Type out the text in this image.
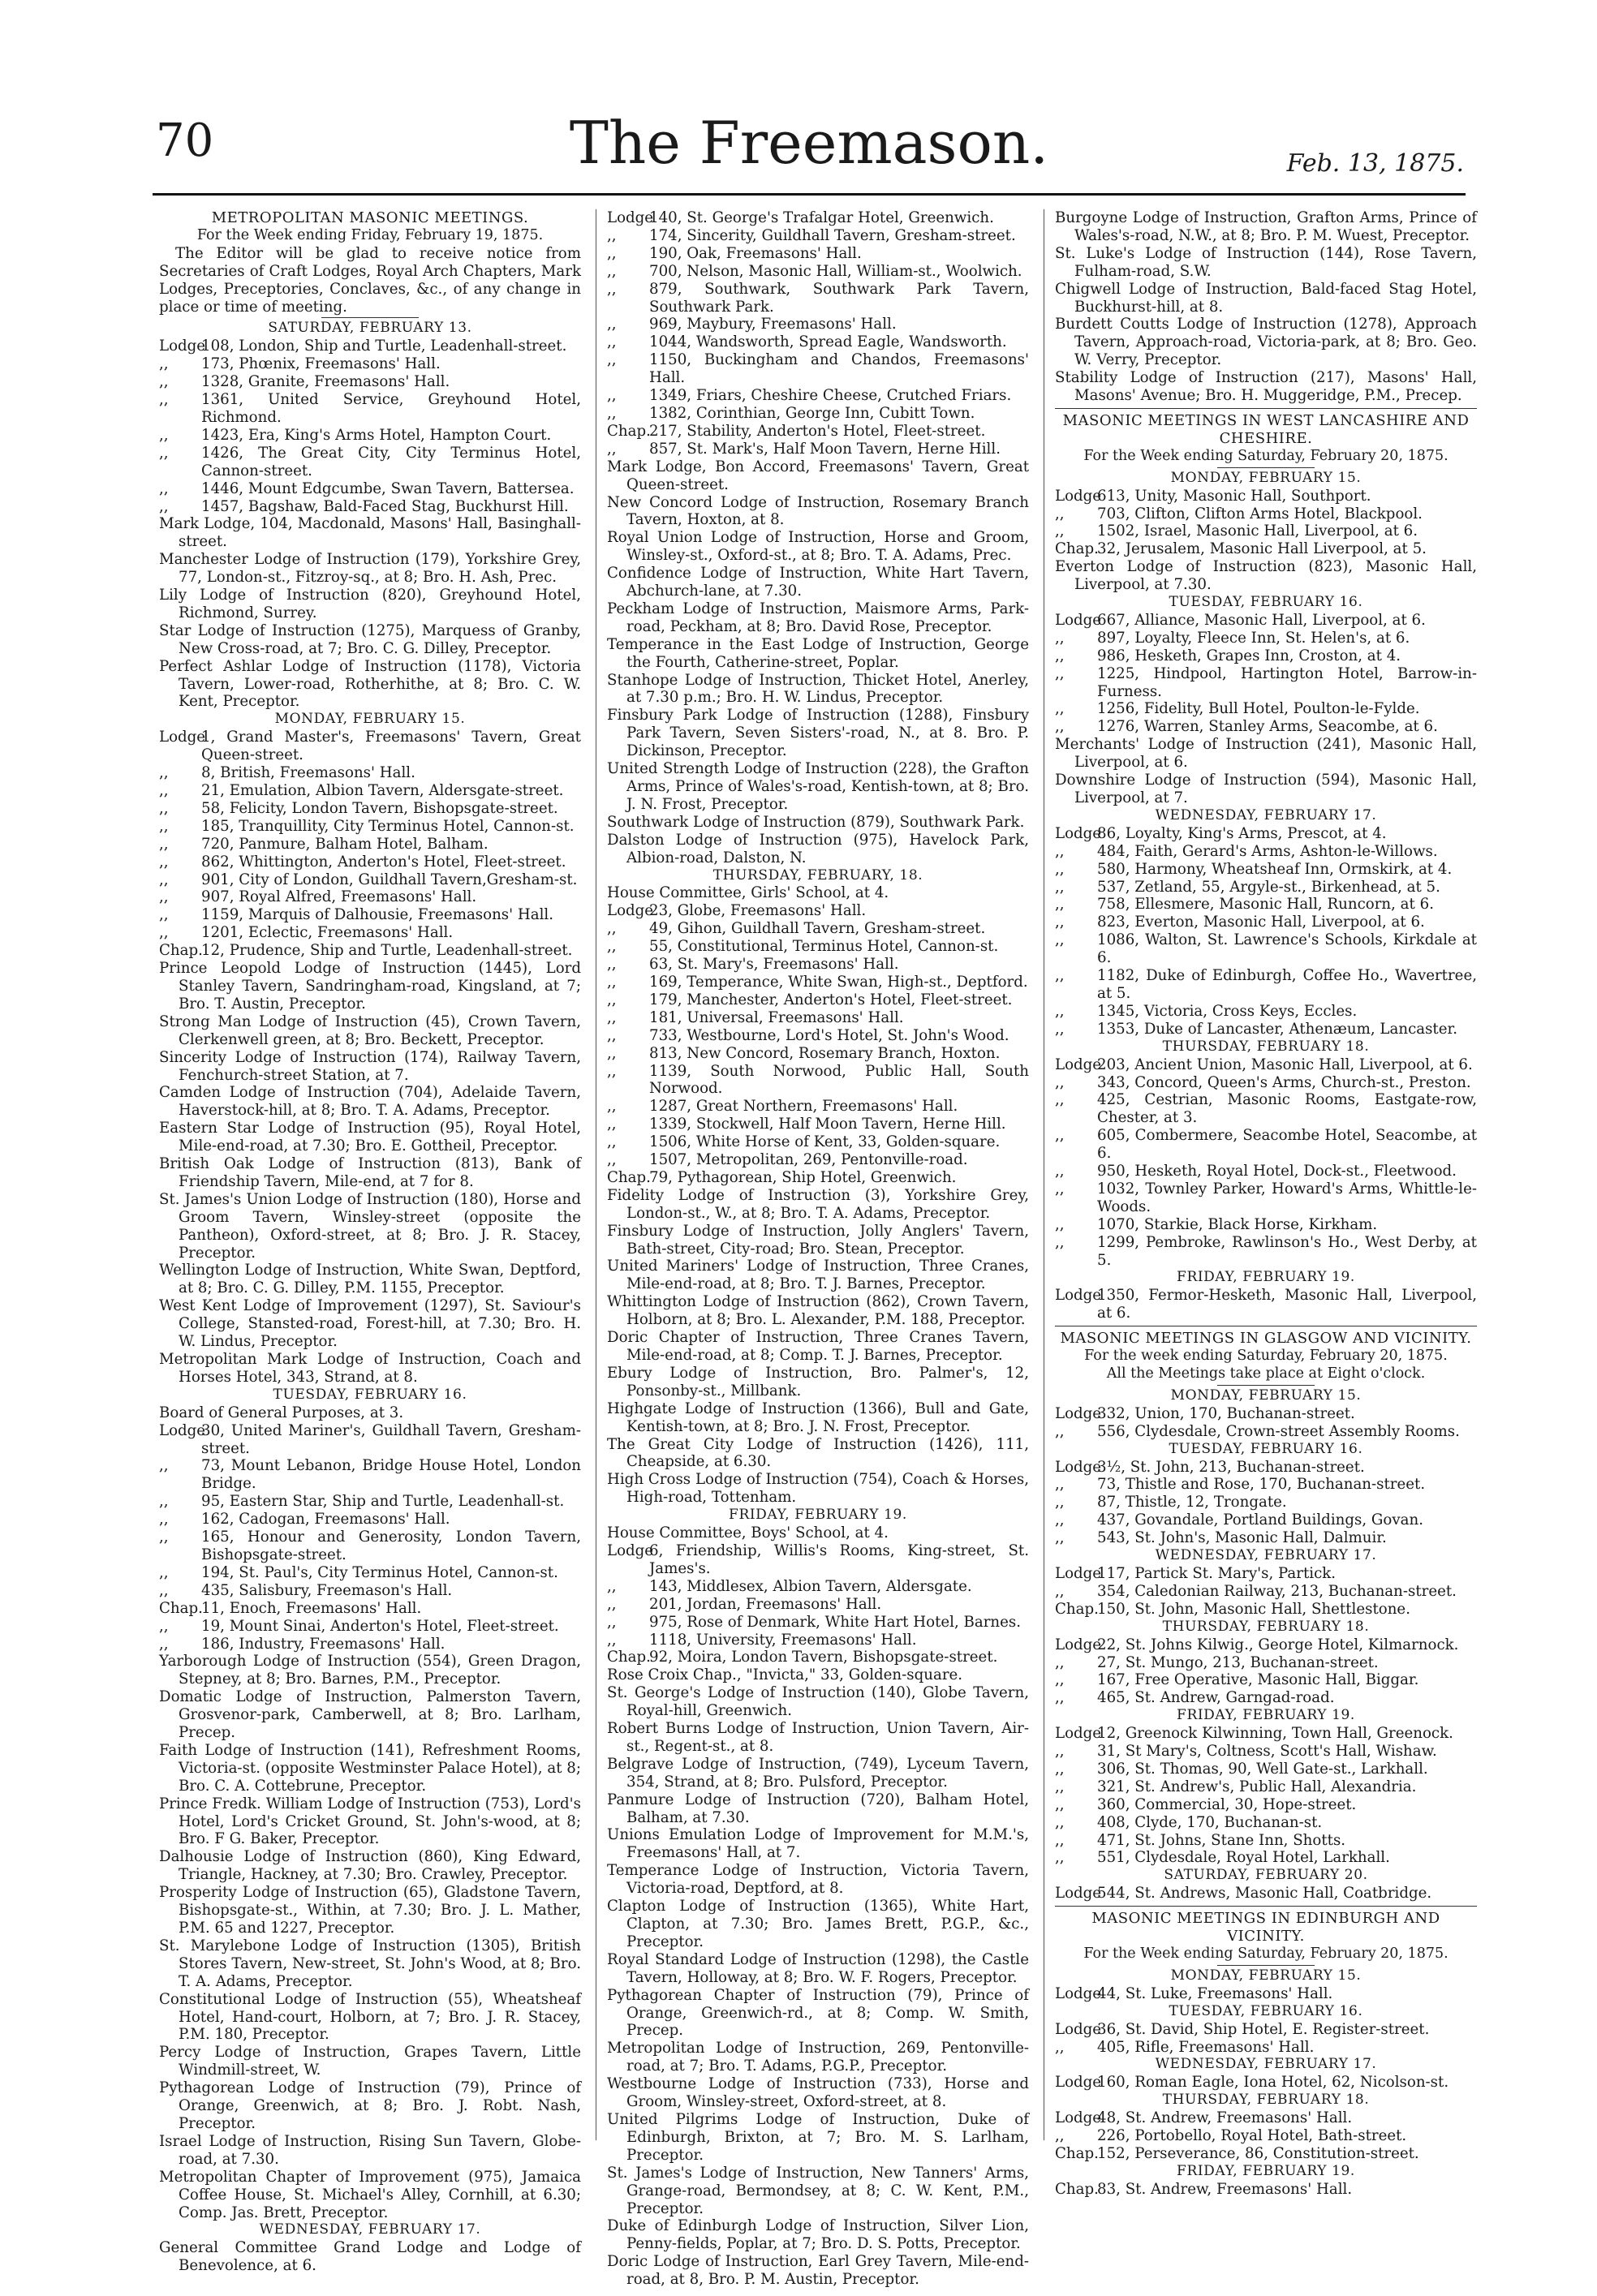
70	The Freemason.	Feb. 13, 1875.

METROPOLITAN MASONIC MEETINGS.

For the Week ending Friday, February 19, 1875.

The Editor will be glad to receive notice from Secretaries of Craft Lodges, Royal Arch Chapters, Mark Lodges, Preceptories, Conclaves, &c., of any change in place or time of meeting.

SATURDAY, FEBRUARY 13.

Lodge108, London, Ship and Turtle, Leadenhall-street.

,, 173, Phœnix, Freemasons' Hall.

,, 1328, Granite, Freemasons' Hall.

,, 1361, United Service, Greyhound Hotel, Richmond.

,, 1423, Era, King's Arms Hotel, Hampton Court.

,, 1426, The Great City, City Terminus Hotel, Cannon-street.

,, 1446, Mount Edgcumbe, Swan Tavern, Battersea.

,, 1457, Bagshaw, Bald-Faced Stag, Buckhurst Hill.

Mark Lodge, 104, Macdonald, Masons' Hall, Basinghall-street.

Manchester Lodge of Instruction (179), Yorkshire Grey, 77, London-st., Fitzroy-sq., at 8; Bro. H. Ash, Prec.

Lily Lodge of Instruction (820), Greyhound Hotel, Richmond, Surrey.

Star Lodge of Instruction (1275), Marquess of Granby, New Cross-road, at 7; Bro. C. G. Dilley, Preceptor.

Perfect Ashlar Lodge of Instruction (1178), Victoria Tavern, Lower-road, Rotherhithe, at 8; Bro. C. W. Kent, Preceptor.

MONDAY, FEBRUARY 15.

Lodge1, Grand Master's, Freemasons' Tavern, Great Queen-street.

,, 8, British, Freemasons' Hall.

,, 21, Emulation, Albion Tavern, Aldersgate-street.

,, 58, Felicity, London Tavern, Bishopsgate-street.

,, 185, Tranquillity, City Terminus Hotel, Cannon-st.

,, 720, Panmure, Balham Hotel, Balham.

,, 862, Whittington, Anderton's Hotel, Fleet-street.

,, 901, City of London, Guildhall Tavern,Gresham-st.

,, 907, Royal Alfred, Freemasons' Hall.

,, 1159, Marquis of Dalhousie, Freemasons' Hall.

,, 1201, Eclectic, Freemasons' Hall.

Chap.12, Prudence, Ship and Turtle, Leadenhall-street.

Prince Leopold Lodge of Instruction (1445), Lord Stanley Tavern, Sandringham-road, Kingsland, at 7; Bro. T. Austin, Preceptor.

Strong Man Lodge of Instruction (45), Crown Tavern, Clerkenwell green, at 8; Bro. Beckett, Preceptor.

Sincerity Lodge of Instruction (174), Railway Tavern, Fenchurch-street Station, at 7.

Camden Lodge of Instruction (704), Adelaide Tavern, Haverstock-hill, at 8; Bro. T. A. Adams, Preceptor.

Eastern Star Lodge of Instruction (95), Royal Hotel, Mile-end-road, at 7.30; Bro. E. Gottheil, Preceptor.

British Oak Lodge of Instruction (813), Bank of Friendship Tavern, Mile-end, at 7 for 8.

St. James's Union Lodge of Instruction (180), Horse and Groom Tavern, Winsley-street (opposite the Pantheon), Oxford-street, at 8; Bro. J. R. Stacey, Preceptor.

Wellington Lodge of Instruction, White Swan, Deptford, at 8; Bro. C. G. Dilley, P.M. 1155, Preceptor.

West Kent Lodge of Improvement (1297), St. Saviour's College, Stansted-road, Forest-hill, at 7.30; Bro. H. W. Lindus, Preceptor.

Metropolitan Mark Lodge of Instruction, Coach and Horses Hotel, 343, Strand, at 8.

TUESDAY, FEBRUARY 16.

Board of General Purposes, at 3.

Lodge30, United Mariner's, Guildhall Tavern, Gresham-street.

,, 73, Mount Lebanon, Bridge House Hotel, London Bridge.

,, 95, Eastern Star, Ship and Turtle, Leadenhall-st.

,, 162, Cadogan, Freemasons' Hall.

,, 165, Honour and Generosity, London Tavern, Bishopsgate-street.

,, 194, St. Paul's, City Terminus Hotel, Cannon-st.

,, 435, Salisbury, Freemason's Hall.

Chap.11, Enoch, Freemasons' Hall.

,, 19, Mount Sinai, Anderton's Hotel, Fleet-street.

,, 186, Industry, Freemasons' Hall.

Yarborough Lodge of Instruction (554), Green Dragon, Stepney, at 8; Bro. Barnes, P.M., Preceptor.

Domatic Lodge of Instruction, Palmerston Tavern, Grosvenor-park, Camberwell, at 8; Bro. Larlham, Precep.

Faith Lodge of Instruction (141), Refreshment Rooms, Victoria-st. (opposite Westminster Palace Hotel), at 8; Bro. C. A. Cottebrune, Preceptor.

Prince Fredk. William Lodge of Instruction (753), Lord's Hotel, Lord's Cricket Ground, St. John's-wood, at 8; Bro. F G. Baker, Preceptor.

Dalhousie Lodge of Instruction (860), King Edward, Triangle, Hackney, at 7.30; Bro. Crawley, Preceptor.

Prosperity Lodge of Instruction (65), Gladstone Tavern, Bishopsgate-st., Within, at 7.30; Bro. J. L. Mather, P.M. 65 and 1227, Preceptor.

St. Marylebone Lodge of Instruction (1305), British Stores Tavern, New-street, St. John's Wood, at 8; Bro. T. A. Adams, Preceptor.

Constitutional Lodge of Instruction (55), Wheatsheaf Hotel, Hand-court, Holborn, at 7; Bro. J. R. Stacey, P.M. 180, Preceptor.

Percy Lodge of Instruction, Grapes Tavern, Little Windmill-street, W.

Pythagorean Lodge of Instruction (79), Prince of Orange, Greenwich, at 8; Bro. J. Robt. Nash, Preceptor.

Israel Lodge of Instruction, Rising Sun Tavern, Globe-road, at 7.30.

Metropolitan Chapter of Improvement (975), Jamaica Coffee House, St. Michael's Alley, Cornhill, at 6.30; Comp. Jas. Brett, Preceptor.

WEDNESDAY, FEBRUARY 17.

General Committee Grand Lodge and Lodge of Benevolence, at 6.

Lodge140, St. George's Trafalgar Hotel, Greenwich.

,, 174, Sincerity, Guildhall Tavern, Gresham-street.

,, 190, Oak, Freemasons' Hall.

,, 700, Nelson, Masonic Hall, William-st., Woolwich.

,, 879, Southwark, Southwark Park Tavern, Southwark Park.

,, 969, Maybury, Freemasons' Hall.

,, 1044, Wandsworth, Spread Eagle, Wandsworth.

,, 1150, Buckingham and Chandos, Freemasons' Hall.

,, 1349, Friars, Cheshire Cheese, Crutched Friars.

,, 1382, Corinthian, George Inn, Cubitt Town.

Chap.217, Stability, Anderton's Hotel, Fleet-street.

,, 857, St. Mark's, Half Moon Tavern, Herne Hill.

Mark Lodge, Bon Accord, Freemasons' Tavern, Great Queen-street.

New Concord Lodge of Instruction, Rosemary Branch Tavern, Hoxton, at 8.

Royal Union Lodge of Instruction, Horse and Groom, Winsley-st., Oxford-st., at 8; Bro. T. A. Adams, Prec.

Confidence Lodge of Instruction, White Hart Tavern, Abchurch-lane, at 7.30.

Peckham Lodge of Instruction, Maismore Arms, Park-road, Peckham, at 8; Bro. David Rose, Preceptor.

Temperance in the East Lodge of Instruction, George the Fourth, Catherine-street, Poplar.

Stanhope Lodge of Instruction, Thicket Hotel, Anerley, at 7.30 p.m.; Bro. H. W. Lindus, Preceptor.

Finsbury Park Lodge of Instruction (1288), Finsbury Park Tavern, Seven Sisters'-road, N., at 8. Bro. P. Dickinson, Preceptor.

United Strength Lodge of Instruction (228), the Grafton Arms, Prince of Wales's-road, Kentish-town, at 8; Bro. J. N. Frost, Preceptor.

Southwark Lodge of Instruction (879), Southwark Park.

Dalston Lodge of Instruction (975), Havelock Park, Albion-road, Dalston, N.

THURSDAY, FEBRUARY, 18.

House Committee, Girls' School, at 4.

Lodge23, Globe, Freemasons' Hall.

,, 49, Gihon, Guildhall Tavern, Gresham-street.

,, 55, Constitutional, Terminus Hotel, Cannon-st.

,, 63, St. Mary's, Freemasons' Hall.

,, 169, Temperance, White Swan, High-st., Deptford.

,, 179, Manchester, Anderton's Hotel, Fleet-street.

,, 181, Universal, Freemasons' Hall.

,, 733, Westbourne, Lord's Hotel, St. John's Wood.

,, 813, New Concord, Rosemary Branch, Hoxton.

,, 1139, South Norwood, Public Hall, South Norwood.

,, 1287, Great Northern, Freemasons' Hall.

,, 1339, Stockwell, Half Moon Tavern, Herne Hill.

,, 1506, White Horse of Kent, 33, Golden-square.

,, 1507, Metropolitan, 269, Pentonville-road.

Chap.79, Pythagorean, Ship Hotel, Greenwich.

Fidelity Lodge of Instruction (3), Yorkshire Grey, London-st., W., at 8; Bro. T. A. Adams, Preceptor.

Finsbury Lodge of Instruction, Jolly Anglers' Tavern, Bath-street, City-road; Bro. Stean, Preceptor.

United Mariners' Lodge of Instruction, Three Cranes, Mile-end-road, at 8; Bro. T. J. Barnes, Preceptor.

Whittington Lodge of Instruction (862), Crown Tavern, Holborn, at 8; Bro. L. Alexander, P.M. 188, Preceptor.

Doric Chapter of Instruction, Three Cranes Tavern, Mile-end-road, at 8; Comp. T. J. Barnes, Preceptor.

Ebury Lodge of Instruction, Bro. Palmer's, 12, Ponsonby-st., Millbank.

Highgate Lodge of Instruction (1366), Bull and Gate, Kentish-town, at 8; Bro. J. N. Frost, Preceptor.

The Great City Lodge of Instruction (1426), 111, Cheapside, at 6.30.

High Cross Lodge of Instruction (754), Coach & Horses, High-road, Tottenham.

FRIDAY, FEBRUARY 19.

House Committee, Boys' School, at 4.

Lodge6, Friendship, Willis's Rooms, King-street, St. James's.

,, 143, Middlesex, Albion Tavern, Aldersgate.

,, 201, Jordan, Freemasons' Hall.

,, 975, Rose of Denmark, White Hart Hotel, Barnes.

,, 1118, University, Freemasons' Hall.

Chap.92, Moira, London Tavern, Bishopsgate-street.

Rose Croix Chap., "Invicta," 33, Golden-square.

St. George's Lodge of Instruction (140), Globe Tavern, Royal-hill, Greenwich.

Robert Burns Lodge of Instruction, Union Tavern, Air-st., Regent-st., at 8.

Belgrave Lodge of Instruction, (749), Lyceum Tavern, 354, Strand, at 8; Bro. Pulsford, Preceptor.

Panmure Lodge of Instruction (720), Balham Hotel, Balham, at 7.30.

Unions Emulation Lodge of Improvement for M.M.'s, Freemasons' Hall, at 7.

Temperance Lodge of Instruction, Victoria Tavern, Victoria-road, Deptford, at 8.

Clapton Lodge of Instruction (1365), White Hart, Clapton, at 7.30; Bro. James Brett, P.G.P., &c., Preceptor.

Royal Standard Lodge of Instruction (1298), the Castle Tavern, Holloway, at 8; Bro. W. F. Rogers, Preceptor.

Pythagorean Chapter of Instruction (79), Prince of Orange, Greenwich-rd., at 8; Comp. W. Smith, Precep.

Metropolitan Lodge of Instruction, 269, Pentonville-road, at 7; Bro. T. Adams, P.G.P., Preceptor.

Westbourne Lodge of Instruction (733), Horse and Groom, Winsley-street, Oxford-street, at 8.

United Pilgrims Lodge of Instruction, Duke of Edinburgh, Brixton, at 7; Bro. M. S. Larlham, Preceptor.

St. James's Lodge of Instruction, New Tanners' Arms, Grange-road, Bermondsey, at 8; C. W. Kent, P.M., Preceptor.

Duke of Edinburgh Lodge of Instruction, Silver Lion, Penny-fields, Poplar, at 7; Bro. D. S. Potts, Preceptor.

Doric Lodge of Instruction, Earl Grey Tavern, Mile-end-road, at 8, Bro. P. M. Austin, Preceptor.

Burgoyne Lodge of Instruction, Grafton Arms, Prince of Wales's-road, N.W., at 8; Bro. P. M. Wuest, Preceptor.

St. Luke's Lodge of Instruction (144), Rose Tavern, Fulham-road, S.W.

Chigwell Lodge of Instruction, Bald-faced Stag Hotel, Buckhurst-hill, at 8.

Burdett Coutts Lodge of Instruction (1278), Approach Tavern, Approach-road, Victoria-park, at 8; Bro. Geo. W. Verry, Preceptor.

Stability Lodge of Instruction (217), Masons' Hall, Masons' Avenue; Bro. H. Muggeridge, P.M., Precep.

MASONIC MEETINGS IN WEST LANCASHIRE AND CHESHIRE.

For the Week ending Saturday, February 20, 1875.

MONDAY, FEBRUARY 15.

Lodge613, Unity, Masonic Hall, Southport.

,, 703, Clifton, Clifton Arms Hotel, Blackpool.

,, 1502, Israel, Masonic Hall, Liverpool, at 6.

Chap.32, Jerusalem, Masonic Hall Liverpool, at 5.

Everton Lodge of Instruction (823), Masonic Hall, Liverpool, at 7.30.

TUESDAY, FEBRUARY 16.

Lodge667, Alliance, Masonic Hall, Liverpool, at 6.

,, 897, Loyalty, Fleece Inn, St. Helen's, at 6.

,, 986, Hesketh, Grapes Inn, Croston, at 4.

,, 1225, Hindpool, Hartington Hotel, Barrow-in-Furness.

,, 1256, Fidelity, Bull Hotel, Poulton-le-Fylde.

,, 1276, Warren, Stanley Arms, Seacombe, at 6.

Merchants' Lodge of Instruction (241), Masonic Hall, Liverpool, at 6.

Downshire Lodge of Instruction (594), Masonic Hall, Liverpool, at 7.

WEDNESDAY, FEBRUARY 17.

Lodge86, Loyalty, King's Arms, Prescot, at 4.

,, 484, Faith, Gerard's Arms, Ashton-le-Willows.

,, 580, Harmony, Wheatsheaf Inn, Ormskirk, at 4.

,, 537, Zetland, 55, Argyle-st., Birkenhead, at 5.

,, 758, Ellesmere, Masonic Hall, Runcorn, at 6.

,, 823, Everton, Masonic Hall, Liverpool, at 6.

,, 1086, Walton, St. Lawrence's Schools, Kirkdale at 6.

,, 1182, Duke of Edinburgh, Coffee Ho., Wavertree, at 5.

,, 1345, Victoria, Cross Keys, Eccles.

,, 1353, Duke of Lancaster, Athenæum, Lancaster.

THURSDAY, FEBRUARY 18.

Lodge203, Ancient Union, Masonic Hall, Liverpool, at 6.

,, 343, Concord, Queen's Arms, Church-st., Preston.

,, 425, Cestrian, Masonic Rooms, Eastgate-row, Chester, at 3.

,, 605, Combermere, Seacombe Hotel, Seacombe, at 6.

,, 950, Hesketh, Royal Hotel, Dock-st., Fleetwood.

,, 1032, Townley Parker, Howard's Arms, Whittle-le-Woods.

,, 1070, Starkie, Black Horse, Kirkham.

,, 1299, Pembroke, Rawlinson's Ho., West Derby, at 5.

FRIDAY, FEBRUARY 19.

Lodge1350, Fermor-Hesketh, Masonic Hall, Liverpool, at 6.

MASONIC MEETINGS IN GLASGOW AND VICINITY.

For the week ending Saturday, February 20, 1875.

All the Meetings take place at Eight o'clock.

MONDAY, FEBRUARY 15.

Lodge332, Union, 170, Buchanan-street.

,, 556, Clydesdale, Crown-street Assembly Rooms.

TUESDAY, FEBRUARY 16.

Lodge3½, St. John, 213, Buchanan-street.

,, 73, Thistle and Rose, 170, Buchanan-street.

,, 87, Thistle, 12, Trongate.

,, 437, Govandale, Portland Buildings, Govan.

,, 543, St. John's, Masonic Hall, Dalmuir.

WEDNESDAY, FEBRUARY 17.

Lodge117, Partick St. Mary's, Partick.

,, 354, Caledonian Railway, 213, Buchanan-street.

Chap.150, St. John, Masonic Hall, Shettlestone.

THURSDAY, FEBRUARY 18.

Lodge22, St. Johns Kilwig., George Hotel, Kilmarnock.

,, 27, St. Mungo, 213, Buchanan-street.

,, 167, Free Operative, Masonic Hall, Biggar.

,, 465, St. Andrew, Garngad-road.

FRIDAY, FEBRUARY 19.

Lodge12, Greenock Kilwinning, Town Hall, Greenock.

,, 31, St Mary's, Coltness, Scott's Hall, Wishaw.

,, 306, St. Thomas, 90, Well Gate-st., Larkhall.

,, 321, St. Andrew's, Public Hall, Alexandria.

,, 360, Commercial, 30, Hope-street.

,, 408, Clyde, 170, Buchanan-st.

,, 471, St. Johns, Stane Inn, Shotts.

,, 551, Clydesdale, Royal Hotel, Larkhall.

SATURDAY, FEBRUARY 20.

Lodge544, St. Andrews, Masonic Hall, Coatbridge.

MASONIC MEETINGS IN EDINBURGH AND VICINITY.

For the Week ending Saturday, February 20, 1875.

MONDAY, FEBRUARY 15.

Lodge44, St. Luke, Freemasons' Hall.

TUESDAY, FEBRUARY 16.

Lodge36, St. David, Ship Hotel, E. Register-street.

,, 405, Rifle, Freemasons' Hall.

WEDNESDAY, FEBRUARY 17.

Lodge160, Roman Eagle, Iona Hotel, 62, Nicolson-st.

THURSDAY, FEBRUARY 18.

Lodge48, St. Andrew, Freemasons' Hall.

,, 226, Portobello, Royal Hotel, Bath-street.

Chap.152, Perseverance, 86, Constitution-street.

FRIDAY, FEBRUARY 19.

Chap.83, St. Andrew, Freemasons' Hall.
